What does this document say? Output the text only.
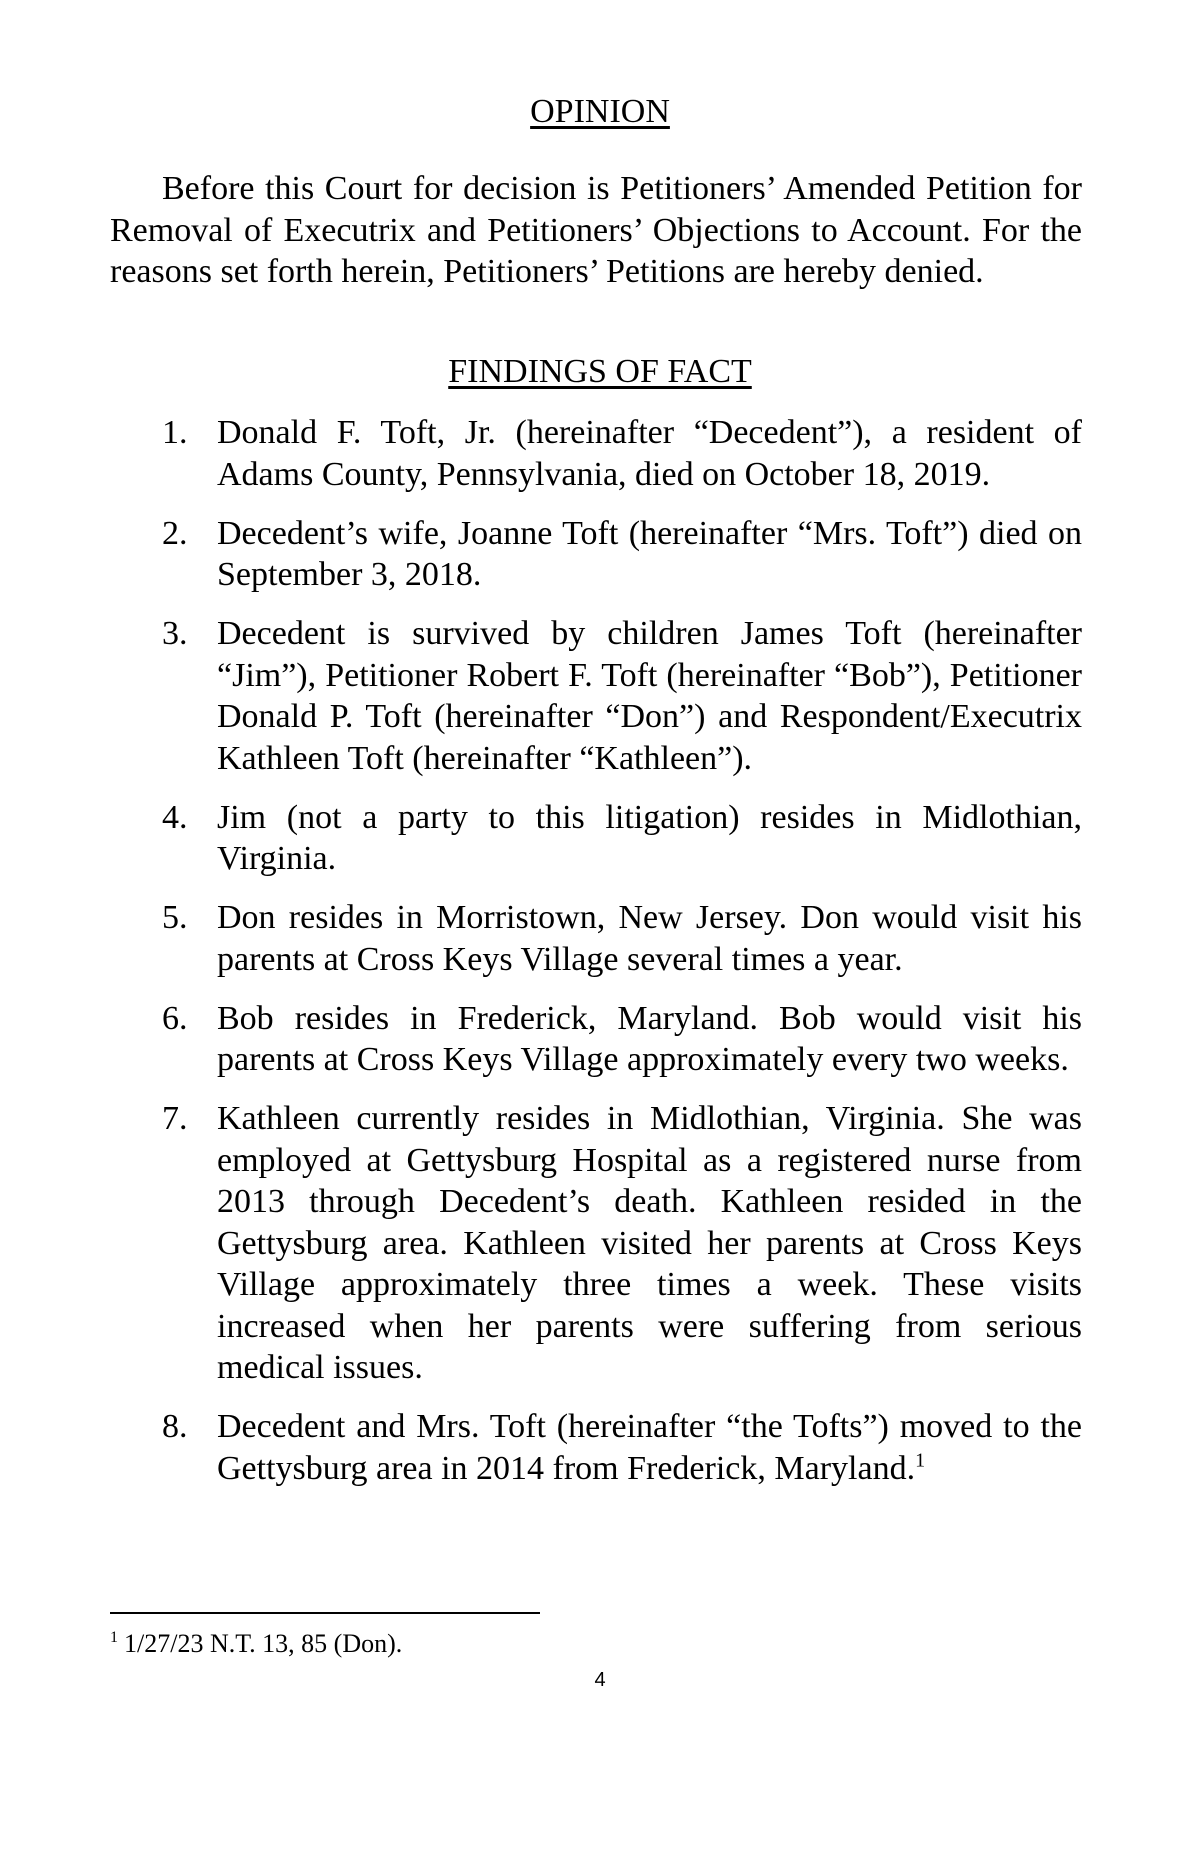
OPINION

Before this Court for decision is Petitioners’ Amended Petition for Removal of Executrix and Petitioners’ Objections to Account. For the reasons set forth herein, Petitioners’ Petitions are hereby denied.

FINDINGS OF FACT
1. Donald F. Toft, Jr. (hereinafter “Decedent”), a resident of Adams County, Pennsylvania, died on October 18, 2019.
2. Decedent’s wife, Joanne Toft (hereinafter “Mrs. Toft”) died on September 3, 2018.
3. Decedent is survived by children James Toft (hereinafter “Jim”), Petitioner Robert F. Toft (hereinafter “Bob”), Petitioner Donald P. Toft (hereinafter “Don”) and Respondent/Executrix Kathleen Toft (hereinafter “Kathleen”).
4. Jim (not a party to this litigation) resides in Midlothian, Virginia.
5. Don resides in Morristown, New Jersey. Don would visit his parents at Cross Keys Village several times a year.
6. Bob resides in Frederick, Maryland. Bob would visit his parents at Cross Keys Village approximately every two weeks.
7. Kathleen currently resides in Midlothian, Virginia. She was employed at Gettysburg Hospital as a registered nurse from 2013 through Decedent’s death. Kathleen resided in the Gettysburg area. Kathleen visited her parents at Cross Keys Village approximately three times a week. These visits increased when her parents were suffering from serious medical issues.
8. Decedent and Mrs. Toft (hereinafter “the Tofts”) moved to the Gettysburg area in 2014 from Frederick, Maryland.$^1$
$^1$ 1/27/23 N.T. 13, 85 (Don).
4
